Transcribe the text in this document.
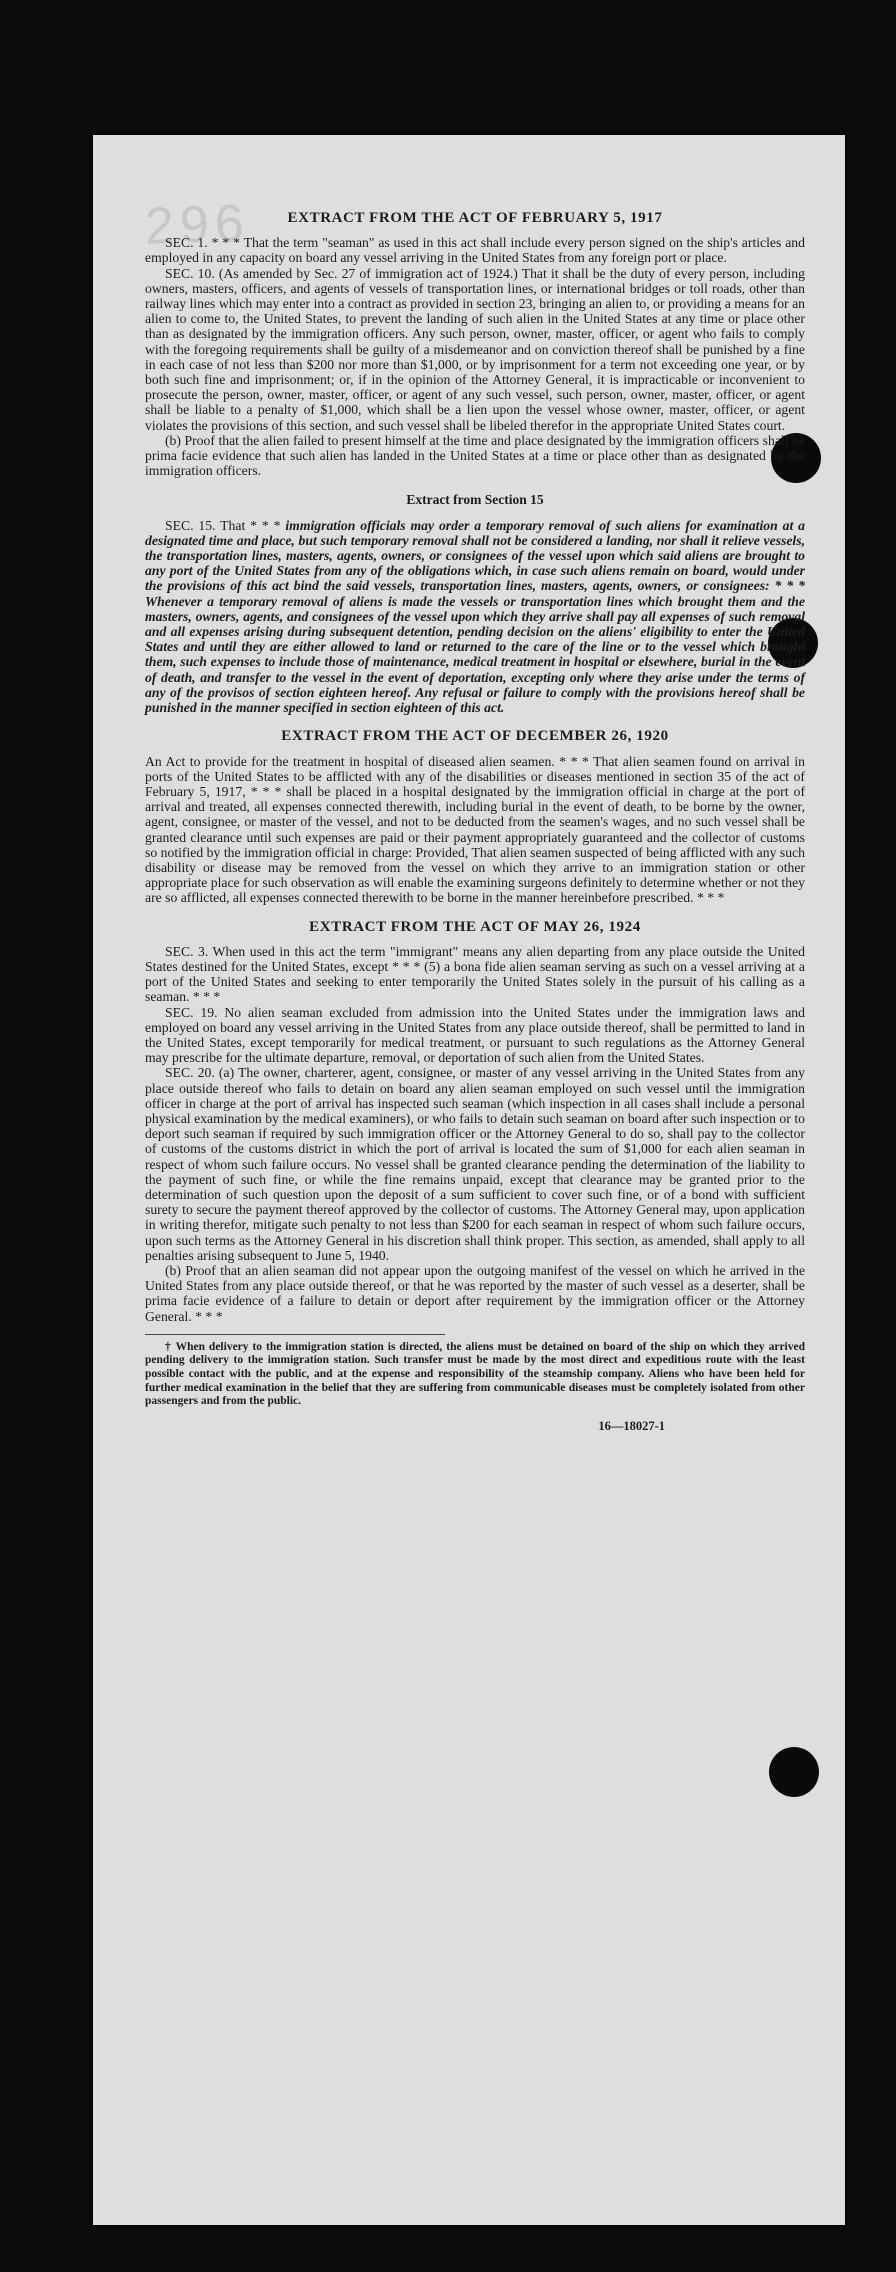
296	EXTRACT FROM THE ACT OF FEBRUARY 5, 1917

SEC. 1. * * * That the term "seaman" as used in this act shall include every person signed on the ship's articles and employed in any capacity on board any vessel arriving in the United States from any foreign port or place.

SEC. 10. (As amended by Sec. 27 of immigration act of 1924.) That it shall be the duty of every person, including owners, masters, officers, and agents of vessels of transportation lines, or international bridges or toll roads, other than railway lines which may enter into a contract as provided in section 23, bringing an alien to, or providing a means for an alien to come to, the United States, to prevent the landing of such alien in the United States at any time or place other than as designated by the immigration officers. Any such person, owner, master, officer, or agent who fails to comply with the foregoing requirements shall be guilty of a misdemeanor and on conviction thereof shall be punished by a fine in each case of not less than $200 nor more than $1,000, or by imprisonment for a term not exceeding one year, or by both such fine and imprisonment; or, if in the opinion of the Attorney General, it is impracticable or inconvenient to prosecute the person, owner, master, officer, or agent of any such vessel, such person, owner, master, officer, or agent shall be liable to a penalty of $1,000, which shall be a lien upon the vessel whose owner, master, officer, or agent violates the provisions of this section, and such vessel shall be libeled therefor in the appropriate United States court.

(b) Proof that the alien failed to present himself at the time and place designated by the immigration officers shall be prima facie evidence that such alien has landed in the United States at a time or place other than as designated by the immigration officers.

Extract from Section 15

SEC. 15. That * * * immigration officials may order a temporary removal of such aliens for examination at a designated time and place, but such temporary removal shall not be considered a landing, nor shall it relieve vessels, the transportation lines, masters, agents, owners, or consignees of the vessel upon which said aliens are brought to any port of the United States from any of the obligations which, in case such aliens remain on board, would under the provisions of this act bind the said vessels, transportation lines, masters, agents, owners, or consignees: * * * Whenever a temporary removal of aliens is made the vessels or transportation lines which brought them and the masters, owners, agents, and consignees of the vessel upon which they arrive shall pay all expenses of such removal and all expenses arising during subsequent detention, pending decision on the aliens' eligibility to enter the United States and until they are either allowed to land or returned to the care of the line or to the vessel which brought them, such expenses to include those of maintenance, medical treatment in hospital or elsewhere, burial in the event of death, and transfer to the vessel in the event of deportation, excepting only where they arise under the terms of any of the provisos of section eighteen hereof. Any refusal or failure to comply with the provisions hereof shall be punished in the manner specified in section eighteen of this act.

EXTRACT FROM THE ACT OF DECEMBER 26, 1920

An Act to provide for the treatment in hospital of diseased alien seamen. * * * That alien seamen found on arrival in ports of the United States to be afflicted with any of the disabilities or diseases mentioned in section 35 of the act of February 5, 1917, * * * shall be placed in a hospital designated by the immigration official in charge at the port of arrival and treated, all expenses connected therewith, including burial in the event of death, to be borne by the owner, agent, consignee, or master of the vessel, and not to be deducted from the seamen's wages, and no such vessel shall be granted clearance until such expenses are paid or their payment appropriately guaranteed and the collector of customs so notified by the immigration official in charge: Provided, That alien seamen suspected of being afflicted with any such disability or disease may be removed from the vessel on which they arrive to an immigration station or other appropriate place for such observation as will enable the examining surgeons definitely to determine whether or not they are so afflicted, all expenses connected therewith to be borne in the manner hereinbefore prescribed. * * *

EXTRACT FROM THE ACT OF MAY 26, 1924

SEC. 3. When used in this act the term "immigrant" means any alien departing from any place outside the United States destined for the United States, except * * * (5) a bona fide alien seaman serving as such on a vessel arriving at a port of the United States and seeking to enter temporarily the United States solely in the pursuit of his calling as a seaman. * * *

SEC. 19. No alien seaman excluded from admission into the United States under the immigration laws and employed on board any vessel arriving in the United States from any place outside thereof, shall be permitted to land in the United States, except temporarily for medical treatment, or pursuant to such regulations as the Attorney General may prescribe for the ultimate departure, removal, or deportation of such alien from the United States.

SEC. 20. (a) The owner, charterer, agent, consignee, or master of any vessel arriving in the United States from any place outside thereof who fails to detain on board any alien seaman employed on such vessel until the immigration officer in charge at the port of arrival has inspected such seaman (which inspection in all cases shall include a personal physical examination by the medical examiners), or who fails to detain such seaman on board after such inspection or to deport such seaman if required by such immigration officer or the Attorney General to do so, shall pay to the collector of customs of the customs district in which the port of arrival is located the sum of $1,000 for each alien seaman in respect of whom such failure occurs. No vessel shall be granted clearance pending the determination of the liability to the payment of such fine, or while the fine remains unpaid, except that clearance may be granted prior to the determination of such question upon the deposit of a sum sufficient to cover such fine, or of a bond with sufficient surety to secure the payment thereof approved by the collector of customs. The Attorney General may, upon application in writing therefor, mitigate such penalty to not less than $200 for each seaman in respect of whom such failure occurs, upon such terms as the Attorney General in his discretion shall think proper. This section, as amended, shall apply to all penalties arising subsequent to June 5, 1940.

(b) Proof that an alien seaman did not appear upon the outgoing manifest of the vessel on which he arrived in the United States from any place outside thereof, or that he was reported by the master of such vessel as a deserter, shall be prima facie evidence of a failure to detain or deport after requirement by the immigration officer or the Attorney General. * * *

† When delivery to the immigration station is directed, the aliens must be detained on board of the ship on which they arrived pending delivery to the immigration station. Such transfer must be made by the most direct and expeditious route with the least possible contact with the public, and at the expense and responsibility of the steamship company. Aliens who have been held for further medical examination in the belief that they are suffering from communicable diseases must be completely isolated from other passengers and from the public.

16—18027-1
